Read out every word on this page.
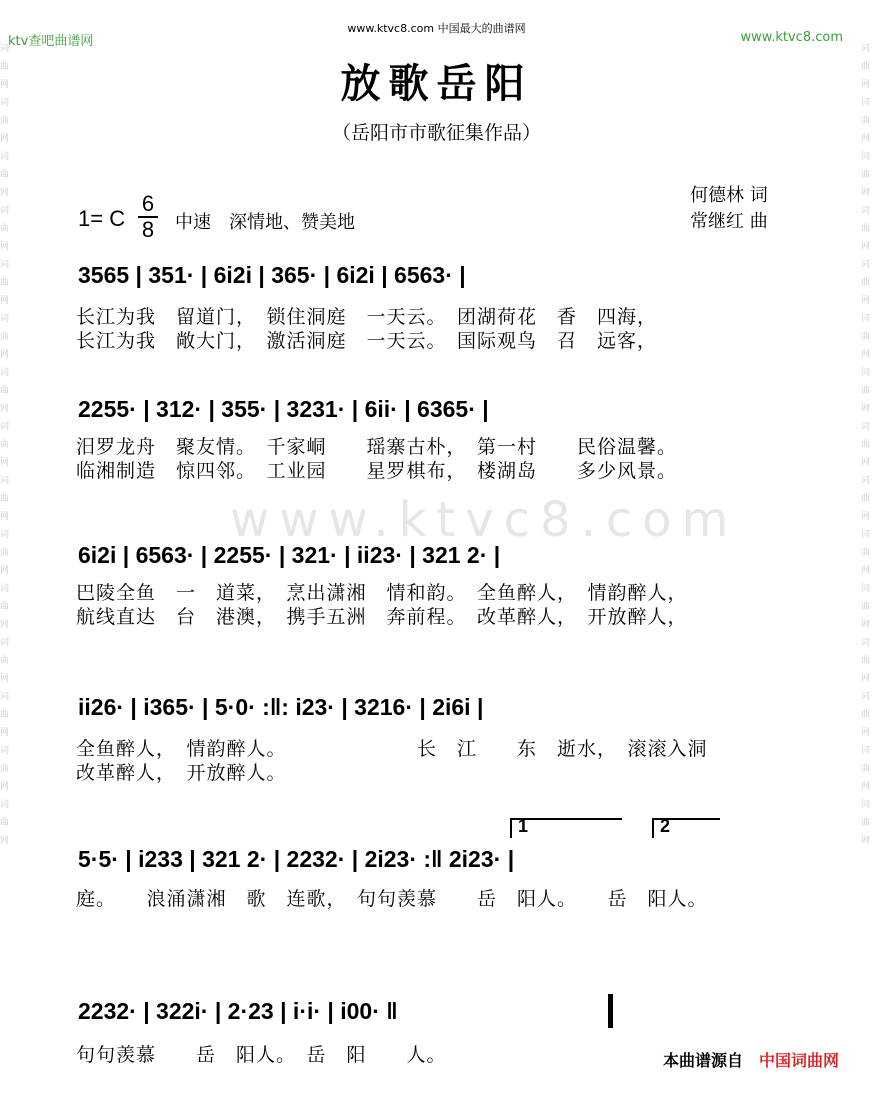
词曲网词曲网词曲网词曲网词曲网词曲网词曲网词曲网词曲网词曲网词曲网词曲网词曲网词曲网词曲网
词曲网词曲网词曲网词曲网词曲网词曲网词曲网词曲网词曲网词曲网词曲网词曲网词曲网词曲网词曲网
ktv查吧曲谱网
www.ktvc8.com 中国最大的曲谱网
www.ktvc8.com
放歌岳阳
（岳阳市市歌征集作品）
1= C
6
8 中速　深情地、赞美地
何德林 词
常继红 曲
www.ktvc8.com
3565 | 351· | 6i2i | 365· | 6i2i | 6563· |
长江为我　留道门，　锁住洞庭　一天云。　团湖荷花　香　四海，
长江为我　敞大门，　激活洞庭　一天云。　国际观鸟　召　远客，
2255· | 312· | 355· | 3231· | 6ii· | 6365· |
汨罗龙舟　聚友情。　千家峒　　瑶寨古朴，　第一村　　民俗温馨。
临湘制造　惊四邻。　工业园　　星罗棋布，　楼湖岛　　多少风景。
6i2i | 6563· | 2255· | 321· | ii23· | 321 2· |
巴陵全鱼　一　道菜，　烹出潇湘　情和韵。　全鱼醉人，　情韵醉人，
航线直达　台　港澳，　携手五洲　奔前程。　改革醉人，　开放醉人，
ii26· | i365· | 5·0· :‖: i23· | 3216· | 2i6i |
全鱼醉人，　情韵醉人。　　　　　　　长　江　　东　逝水，　滚滚入洞
改革醉人，　开放醉人。
1	2
5·5· | i233 | 321 2· | 2232· | 2i23· :‖ 2i23· |
庭。　　浪涌潇湘　歌　连歌，　句句羡慕　　岳　阳人。　　岳　阳人。
2232· | 322i· | 2·23 | i·i· | i00· ‖
句句羡慕　　岳　阳人。　岳　阳　　人。	本曲谱源自　 中国词曲网
